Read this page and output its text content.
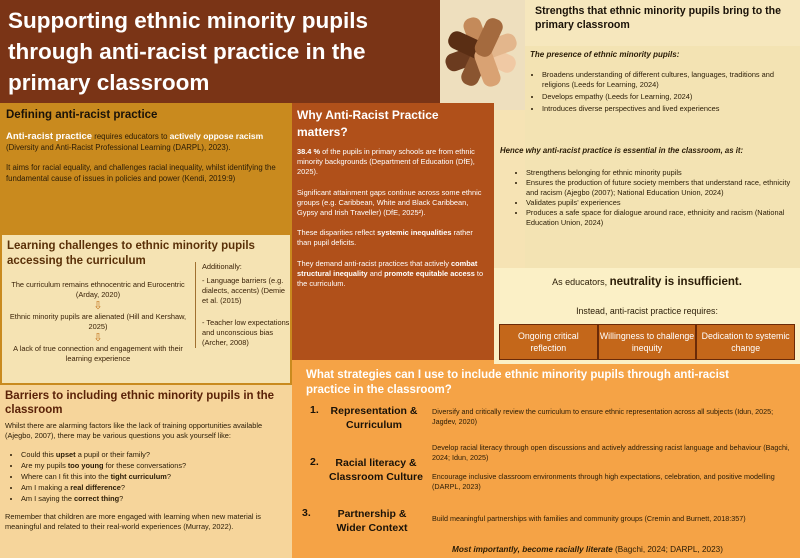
Supporting ethnic minority pupils through anti-racist practice in the primary classroom
Strengths that ethnic minority pupils bring to the primary classroom
The presence of ethnic minority pupils:
• Broadens understanding of different cultures, languages, traditions and religions (Leeds for Learning, 2024)
• Develops empathy (Leeds for Learning, 2024)
• Introduces diverse perspectives and lived experiences
Hence why anti-racist practice is essential in the classroom, as it:
• Strengthens belonging for ethnic minority pupils
• Ensures the production of future society members that understand race, ethnicity and racism (Ajegbo (2007); National Education Union, 2024)
• Validates pupils' experiences
• Produces a safe space for dialogue around race, ethnicity and racism (National Education Union, 2024)
Defining anti-racist practice

Anti-racist practice requires educators to actively oppose racism (Diversity and Anti-Racist Professional Learning (DARPL), 2023).

It aims for racial equality, and challenges racial inequality, whilst identifying the fundamental cause of issues in policies and power (Kendi, 2019:9)

Why Anti-Racist Practice matters?

38.4 % of the pupils in primary schools are from ethnic minority backgrounds (Department of Education (DfE), 2025).

Significant attainment gaps continue across some ethnic groups (e.g. Caribbean, White and Black Caribbean, Gypsy and Irish Traveller) (DfE, 2025²).

These disparities reflect systemic inequalities rather than pupil deficits.

They demand anti-racist practices that actively combat structural inequality and promote equitable access to the curriculum.

Learning challenges to ethnic minority pupils accessing the curriculum
The curriculum remains ethnocentric and Eurocentric (Arday, 2020)
⇩
Ethnic minority pupils are alienated (Hill and Kershaw, 2025)
⇩
A lack of true connection and engagement with their learning experience
Additionally:
- Language barriers (e.g. dialects, accents) (Demie et al. (2015)
- Teacher low expectations and unconscious bias (Archer, 2008)
Barriers to including ethnic minority pupils in the classroom

Whilst there are alarming factors like the lack of training opportunities available (Ajegbo, 2007), there may be various questions you ask yourself like:

• Could this upset a pupil or their family?
• Are my pupils too young for these conversations?
• Where can I fit this into the tight curriculum?
• Am I making a real difference?
• Am I saying the correct thing?

Remember that children are more engaged with learning when new material is meaningful and related to their real-world experiences (Murray, 2022).

As educators, neutrality is insufficient.
Instead, anti-racist practice requires:
Ongoing critical reflection
Willingness to challenge inequity
Dedication to systemic change
What strategies can I use to include ethnic minority pupils through anti-racist practice in the classroom?
1.	Representation & Curriculum
2.	Racial literacy & Classroom Culture
3.	Partnership & Wider Context
Diversify and critically review the curriculum to ensure ethnic representation across all subjects (Idun, 2025; Jagdev, 2020)
Develop racial literacy through open discussions and actively addressing racist language and behaviour (Bagchi, 2024; Idun, 2025)
Encourage inclusive classroom environments through high expectations, celebration, and positive modelling (DARPL, 2023)
Build meaningful partnerships with families and community groups (Cremin and Burnett, 2018:357)
Most importantly, become racially literate (Bagchi, 2024; DARPL, 2023)
